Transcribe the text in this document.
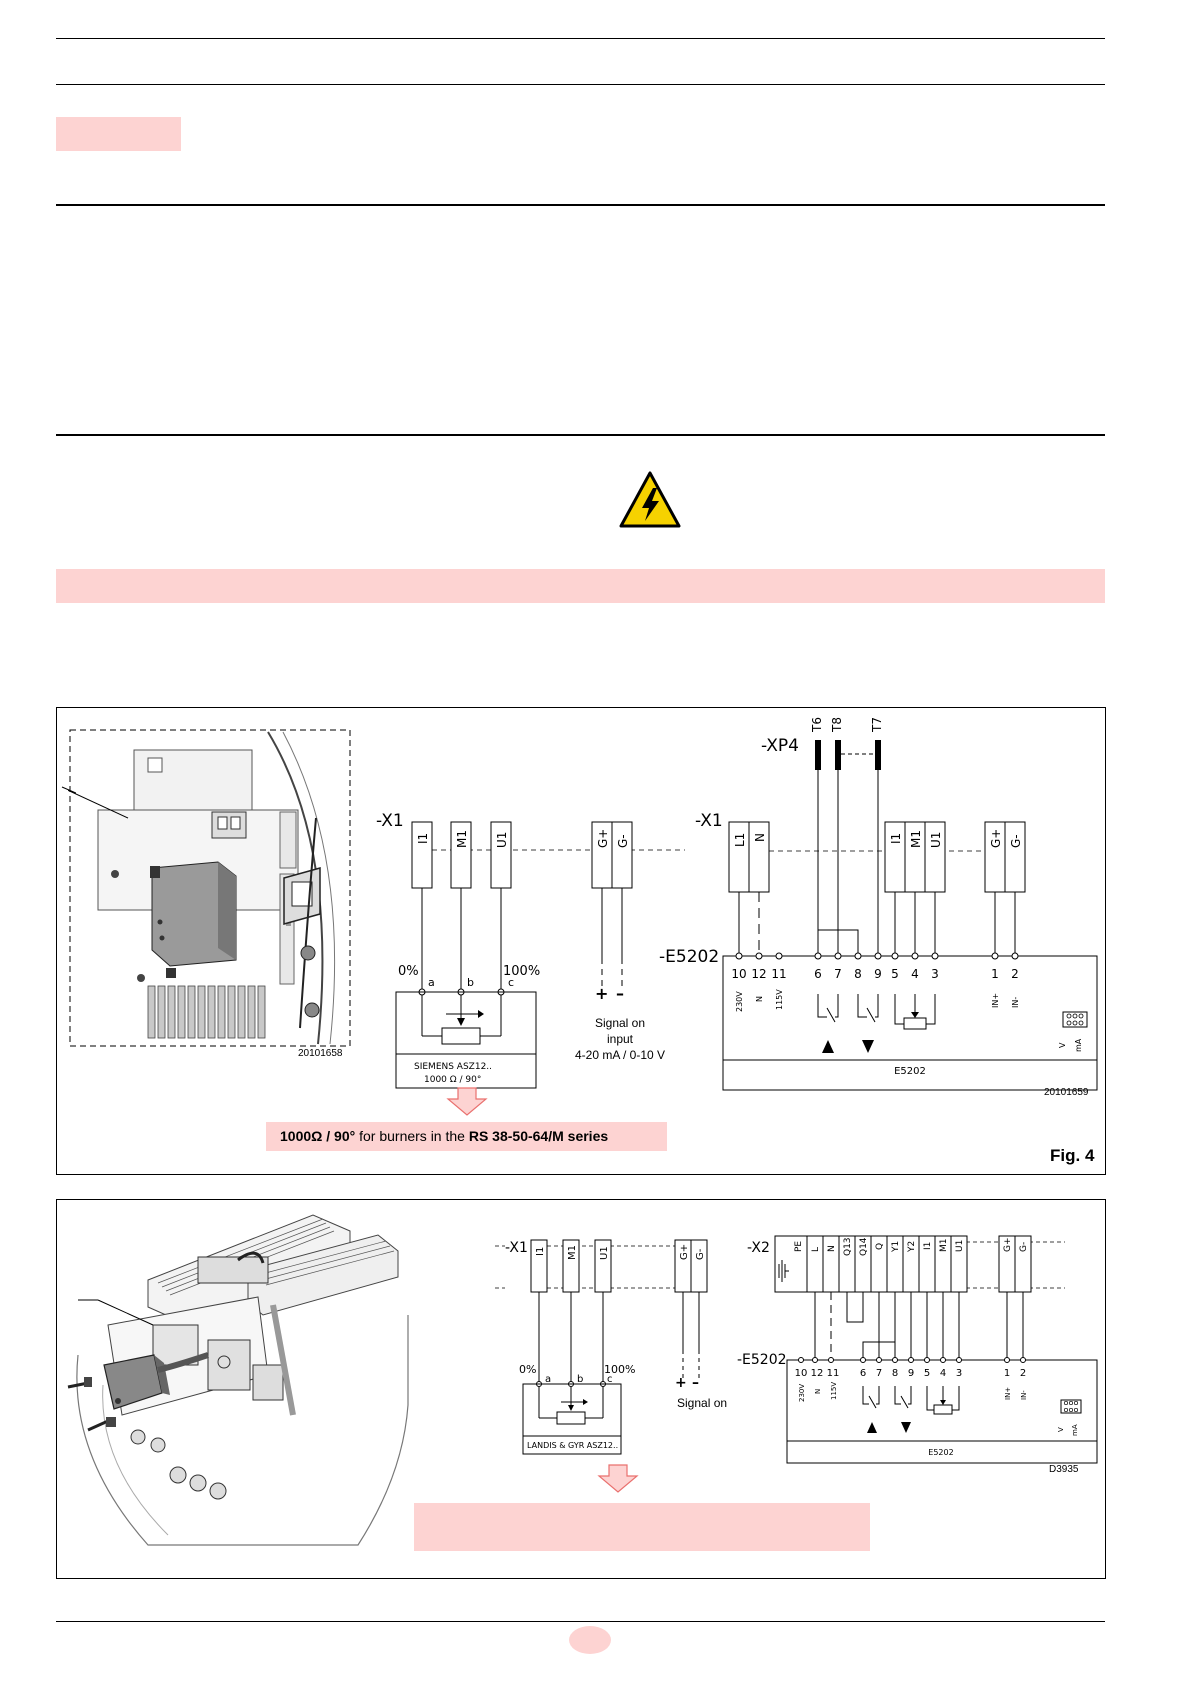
20101658
-X1
I1 M1 U1	G+ G-
0%	100%
a	b	c
SIEMENS ASZ12..
1000 Ω / 90°
+ –
Signal on
input
4-20 mA / 0-10 V
1000Ω / 90° for burners in the RS 38-50-64/M series
T6 T8 T7
-XP4
-X1
L1 N	I1 M1 U1	G+ G-
-E5202
10 12 11 6 7 8 9 5 4 3	1 2
230V N 115V	IN+ IN-
V mA
E5202
20101659
Fig. 4
-X1 I1 M1 U1	G+ G-
0%	100%
a	b c
LANDIS & GYR ASZ12..
+ –
Signal on
-X2	PE L N Q13 Q14 Q Y1 Y2 I1 M1 U1	G+ G-
-E5202
10 12 11 6 7 8 9 5 4 3	1 2
230V N 115V	IN+ IN-
V mA
E5202
D3935
